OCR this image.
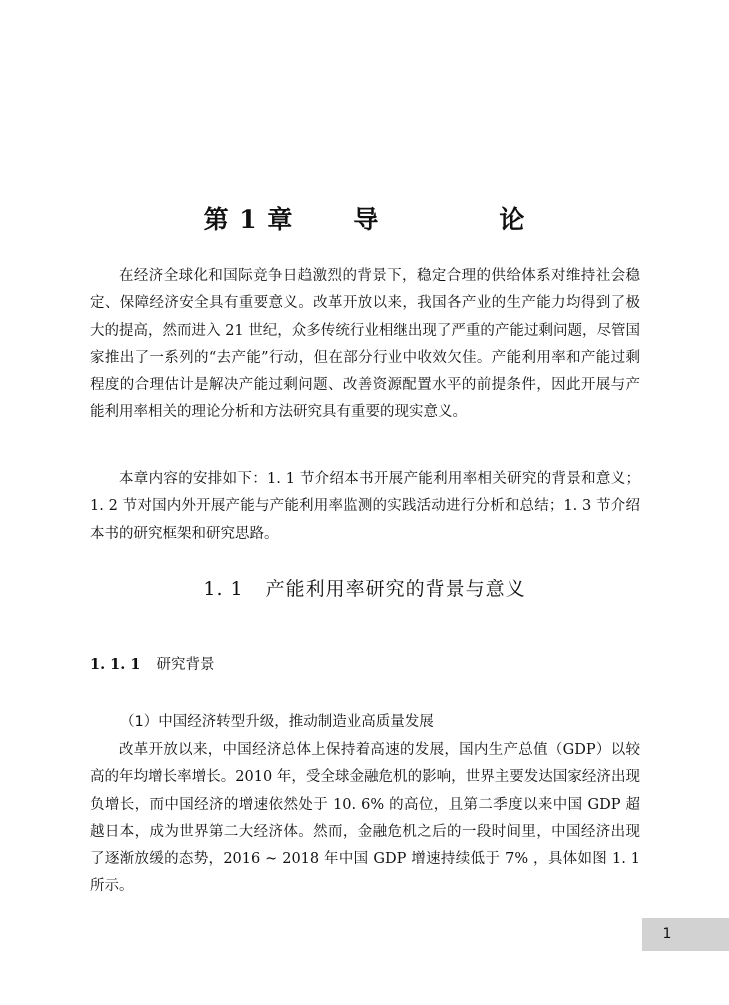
第 1 章 导	论

在经济全球化和国际竞争日趋激烈的背景下，稳定合理的供给体系对维持社会稳定、保障经济安全具有重要意义。改革开放以来，我国各产业的生产能力均得到了极大的提高，然而进入 21 世纪，众多传统行业相继出现了严重的产能过剩问题，尽管国家推出了一系列的“去产能”行动，但在部分行业中收效欠佳。产能利用率和产能过剩程度的合理估计是解决产能过剩问题、改善资源配置水平的前提条件，因此开展与产能利用率相关的理论分析和方法研究具有重要的现实意义。

本章内容的安排如下：1. 1 节介绍本书开展产能利用率相关研究的背景和意义；1. 2 节对国内外开展产能与产能利用率监测的实践活动进行分析和总结；1. 3 节介绍本书的研究框架和研究思路。

1. 1 产能利用率研究的背景与意义
1. 1. 1 研究背景
（1）中国经济转型升级，推动制造业高质量发展

改革开放以来，中国经济总体上保持着高速的发展，国内生产总值（GDP）以较高的年均增长率增长。2010 年，受全球金融危机的影响，世界主要发达国家经济出现负增长，而中国经济的增速依然处于 10. 6% 的高位，且第二季度以来中国 GDP 超越日本，成为世界第二大经济体。然而，金融危机之后的一段时间里，中国经济出现了逐渐放缓的态势，2016 ~ 2018 年中国 GDP 增速持续低于 7% ，具体如图 1. 1 所示。

1
